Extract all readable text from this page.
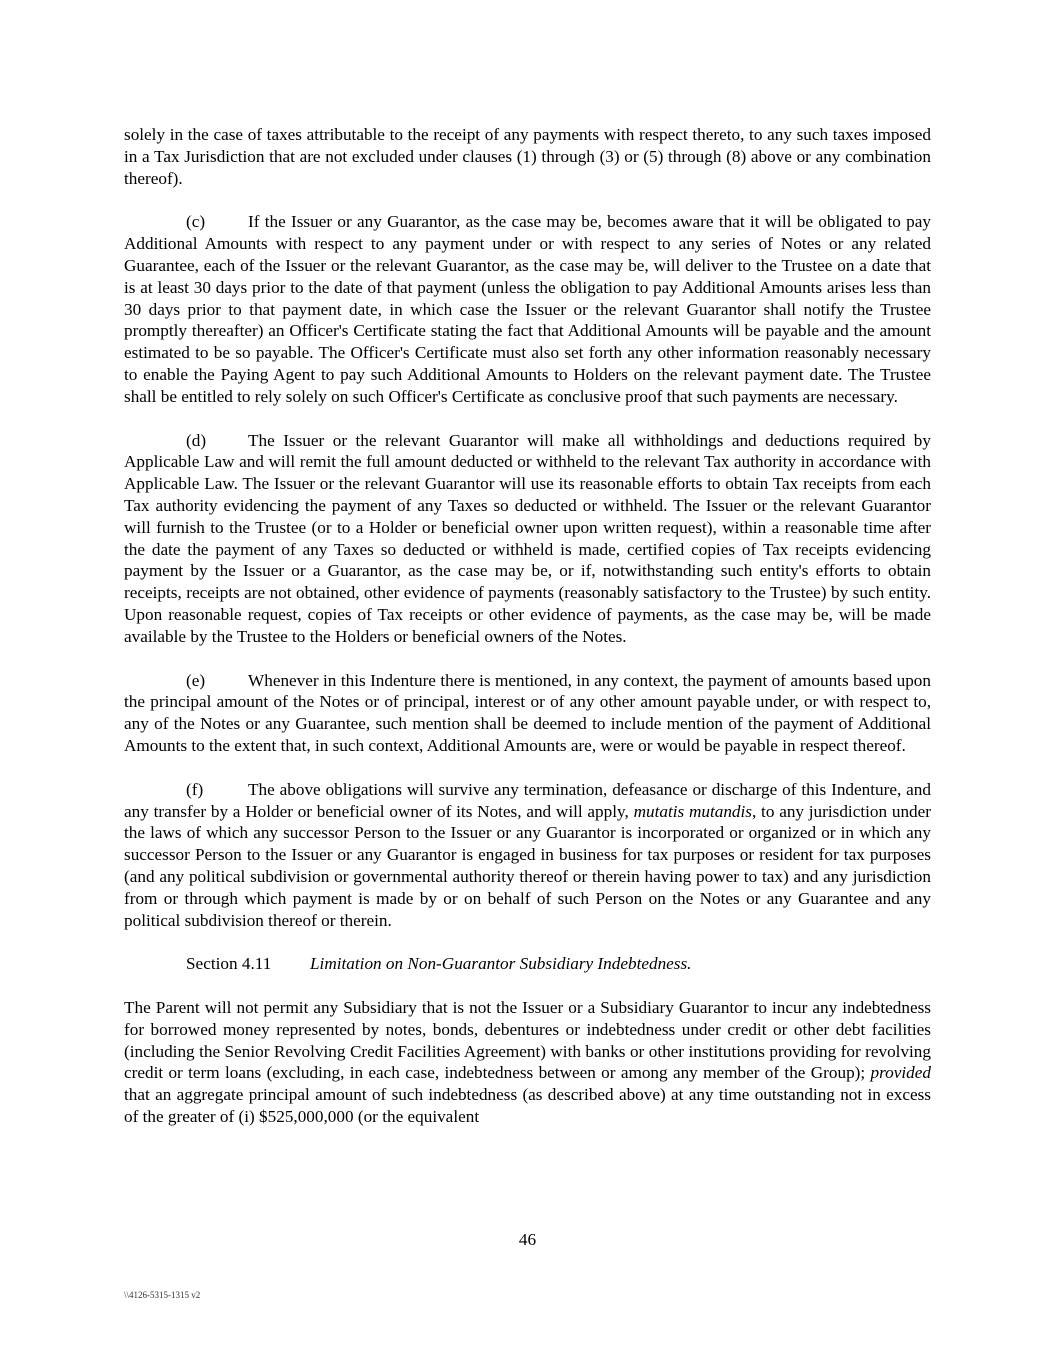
solely in the case of taxes attributable to the receipt of any payments with respect thereto, to any such taxes imposed in a Tax Jurisdiction that are not excluded under clauses (1) through (3) or (5) through (8) above or any combination thereof).

(c) If the Issuer or any Guarantor, as the case may be, becomes aware that it will be obligated to pay Additional Amounts with respect to any payment under or with respect to any series of Notes or any related Guarantee, each of the Issuer or the relevant Guarantor, as the case may be, will deliver to the Trustee on a date that is at least 30 days prior to the date of that payment (unless the obligation to pay Additional Amounts arises less than 30 days prior to that payment date, in which case the Issuer or the relevant Guarantor shall notify the Trustee promptly thereafter) an Officer's Certificate stating the fact that Additional Amounts will be payable and the amount estimated to be so payable. The Officer's Certificate must also set forth any other information reasonably necessary to enable the Paying Agent to pay such Additional Amounts to Holders on the relevant payment date. The Trustee shall be entitled to rely solely on such Officer's Certificate as conclusive proof that such payments are necessary.

(d) The Issuer or the relevant Guarantor will make all withholdings and deductions required by Applicable Law and will remit the full amount deducted or withheld to the relevant Tax authority in accordance with Applicable Law. The Issuer or the relevant Guarantor will use its reasonable efforts to obtain Tax receipts from each Tax authority evidencing the payment of any Taxes so deducted or withheld. The Issuer or the relevant Guarantor will furnish to the Trustee (or to a Holder or beneficial owner upon written request), within a reasonable time after the date the payment of any Taxes so deducted or withheld is made, certified copies of Tax receipts evidencing payment by the Issuer or a Guarantor, as the case may be, or if, notwithstanding such entity's efforts to obtain receipts, receipts are not obtained, other evidence of payments (reasonably satisfactory to the Trustee) by such entity. Upon reasonable request, copies of Tax receipts or other evidence of payments, as the case may be, will be made available by the Trustee to the Holders or beneficial owners of the Notes.

(e) Whenever in this Indenture there is mentioned, in any context, the payment of amounts based upon the principal amount of the Notes or of principal, interest or of any other amount payable under, or with respect to, any of the Notes or any Guarantee, such mention shall be deemed to include mention of the payment of Additional Amounts to the extent that, in such context, Additional Amounts are, were or would be payable in respect thereof.

(f)	The above obligations will survive any termination, defeasance or discharge of this Indenture, and any transfer by a Holder or beneficial owner of its Notes, and will apply, mutatis mutandis, to any jurisdiction under the laws of which any successor Person to the Issuer or any Guarantor is incorporated or organized or in which any successor Person to the Issuer or any Guarantor is engaged in business for tax purposes or resident for tax purposes (and any political subdivision or governmental authority thereof or therein having power to tax) and any jurisdiction from or through which payment is made by or on behalf of such Person on the Notes or any Guarantee and any political subdivision thereof or therein.

Section 4.11 Limitation on Non-Guarantor Subsidiary Indebtedness.

The Parent will not permit any Subsidiary that is not the Issuer or a Subsidiary Guarantor to incur any indebtedness for borrowed money represented by notes, bonds, debentures or indebtedness under credit or other debt facilities (including the Senior Revolving Credit Facilities Agreement) with banks or other institutions providing for revolving credit or term loans (excluding, in each case, indebtedness between or among any member of the Group); provided that an aggregate principal amount of such indebtedness (as described above) at any time outstanding not in excess of the greater of (i) $525,000,000 (or the equivalent

46
\\4126-5315-1315 v2
